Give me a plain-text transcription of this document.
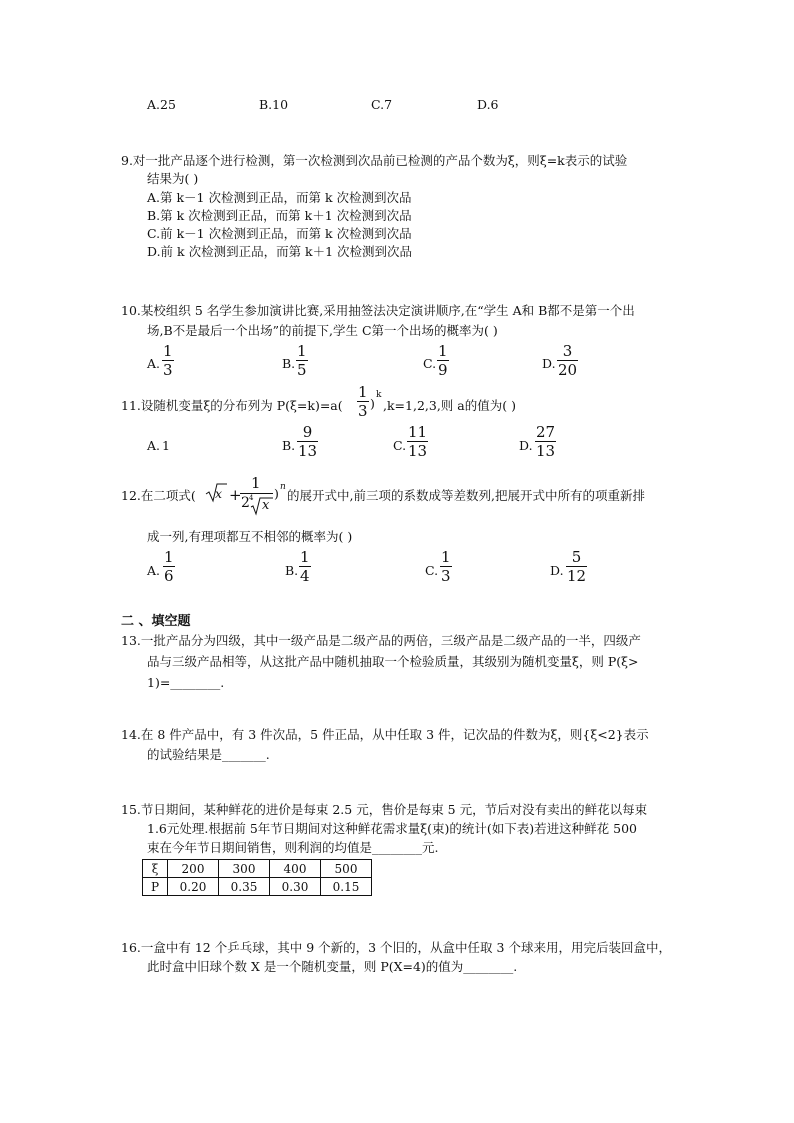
A.25	B.10	C.7	D.6
9.对一批产品逐个进行检测，第一次检测到次品前已检测的产品个数为ξ，则ξ=k表示的试验
结果为( )
A.第 k－1 次检测到正品，而第 k 次检测到次品
B.第 k 次检测到正品，而第 k＋1 次检测到次品
C.前 k－1 次检测到正品，而第 k 次检测到次品
D.前 k 次检测到正品，而第 k＋1 次检测到次品
10.某校组织 5 名学生参加演讲比赛,采用抽签法决定演讲顺序,在“学生 A和 B都不是第一个出
场,B不是最后一个出场”的前提下,学生 C第一个出场的概率为( )
A.
1
3	B.
1
5	C.
1
9	D.
3
20
11.设随机变量ξ的分布列为 P(ξ=k)=a(
1
3 )
k
,k=1,2,3,则 a的值为( )
A. 1	B.
9
13	C.
11
13	D.
27
13
12.在二项式( x +
1
2 4 x
) n
的展开式中,前三项的系数成等差数列,把展开式中所有的项重新排
成一列,有理项都互不相邻的概率为( )
A.
1
6	B.
1
4	C.
1
3	D.
5
12
二 、填空题
13.一批产品分为四级，其中一级产品是二级产品的两倍，三级产品是二级产品的一半，四级产
品与三级产品相等，从这批产品中随机抽取一个检验质量，其级别为随机变量ξ，则 P(ξ>
1)=________.
14.在 8 件产品中，有 3 件次品，5 件正品，从中任取 3 件，记次品的件数为ξ，则{ξ<2}表示
的试验结果是_______.
15.节日期间，某种鲜花的进价是每束 2.5 元，售价是每束 5 元，节后对没有卖出的鲜花以每束
1.6元处理.根据前 5年节日期间对这种鲜花需求量ξ(束)的统计(如下表)若进这种鲜花 500
束在今年节日期间销售，则利润的均值是________元.
ξ	200	300	400	500
P	0.20	0.35	0.30	0.15
16.一盒中有 12 个乒乓球，其中 9 个新的，3 个旧的，从盒中任取 3 个球来用，用完后装回盒中，
此时盒中旧球个数 X 是一个随机变量，则 P(X=4)的值为________.
